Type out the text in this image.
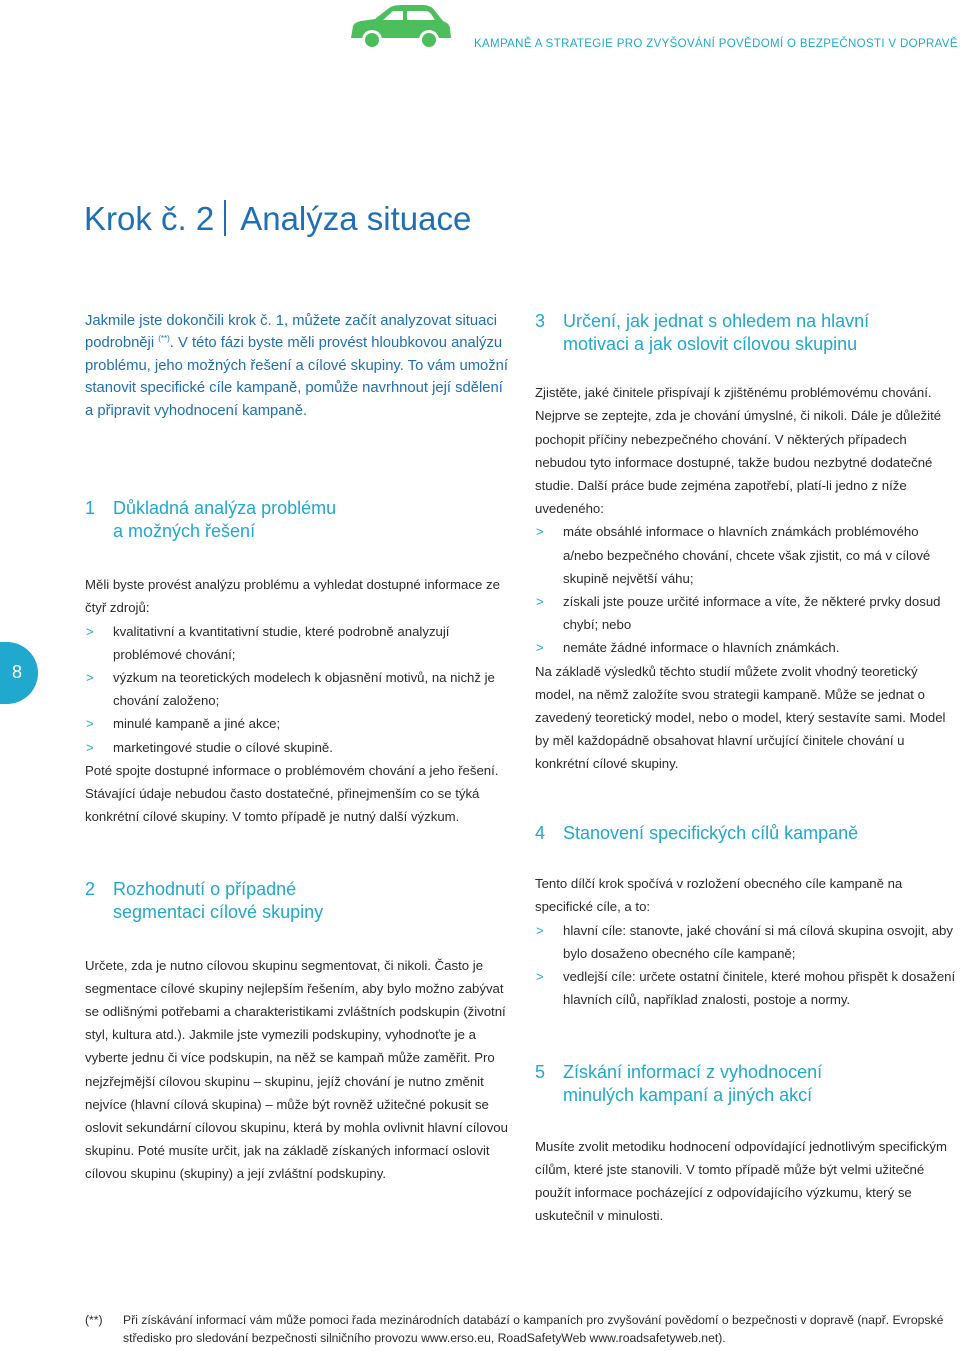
KAMPANĚ A STRATEGIE PRO ZVYŠOVÁNÍ POVĚDOMÍ O BEZPEČNOSTI V DOPRAVĚ
Krok č. 2 Analýza situace
8

Jakmile jste dokončili krok č. 1, můžete začít analyzovat situaci podrobněji (**). V této fázi byste měli provést hloubkovou analýzu problému, jeho možných řešení a cílové skupiny. To vám umožní stanovit specifické cíle kampaně, pomůže navrhnout její sdělení a připravit vyhodnocení kampaně.

1 Důkladná analýza problému
a možných řešení

Měli byste provést analýzu problému a vyhledat dostupné informace ze čtyř zdrojů:

> kvalitativní a kvantitativní studie, které podrobně analyzují problémové chování;
> výzkum na teoretických modelech k objasnění motivů, na nichž je chování založeno;
> minulé kampaně a jiné akce;
> marketingové studie o cílové skupině.

Poté spojte dostupné informace o problémovém chování a jeho řešení. Stávající údaje nebudou často dostatečné, přinejmenším co se týká konkrétní cílové skupiny. V tomto případě je nutný další výzkum.

2 Rozhodnutí o případné
segmentaci cílové skupiny

Určete, zda je nutno cílovou skupinu segmentovat, či nikoli. Často je segmentace cílové skupiny nejlepším řešením, aby bylo možno zabývat se odlišnými potřebami a charakteristikami zvláštních podskupin (životní styl, kultura atd.). Jakmile jste vymezili podskupiny, vyhodnoťte je a vyberte jednu či více podskupin, na něž se kampaň může zaměřit. Pro nejzřejmější cílovou skupinu – skupinu, jejíž chování je nutno změnit nejvíce (hlavní cílová skupina) – může být rovněž užitečné pokusit se oslovit sekundární cílovou skupinu, která by mohla ovlivnit hlavní cílovou skupinu. Poté musíte určit, jak na základě získaných informací oslovit cílovou skupinu (skupiny) a její zvláštní podskupiny.

3 Určení, jak jednat s ohledem na hlavní
motivaci a jak oslovit cílovou skupinu

Zjistěte, jaké činitele přispívají k zjištěnému problémovému chování. Nejprve se zeptejte, zda je chování úmyslné, či nikoli. Dále je důležité pochopit příčiny nebezpečného chování. V některých případech nebudou tyto informace dostupné, takže budou nezbytné dodatečné studie. Další práce bude zejména zapotřebí, platí-li jedno z níže uvedeného:

> máte obsáhlé informace o hlavních známkách problémového a/nebo bezpečného chování, chcete však zjistit, co má v cílové skupině největší váhu;
> získali jste pouze určité informace a víte, že některé prvky dosud chybí; nebo
> nemáte žádné informace o hlavních známkách.

Na základě výsledků těchto studií můžete zvolit vhodný teoretický model, na němž založíte svou strategii kampaně. Může se jednat o zavedený teoretický model, nebo o model, který sestavíte sami. Model by měl každopádně obsahovat hlavní určující činitele chování u konkrétní cílové skupiny.

4 Stanovení specifických cílů kampaně

Tento dílčí krok spočívá v rozložení obecného cíle kampaně na specifické cíle, a to:

> hlavní cíle: stanovte, jaké chování si má cílová skupina osvojit, aby bylo dosaženo obecného cíle kampaně;
> vedlejší cíle: určete ostatní činitele, které mohou přispět k dosažení hlavních cílů, například znalosti, postoje a normy.
5 Získání informací z vyhodnocení
minulých kampaní a jiných akcí

Musíte zvolit metodiku hodnocení odpovídající jednotlivým specifickým cílům, které jste stanovili. V tomto případě může být velmi užitečné použít informace pocházející z odpovídajícího výzkumu, který se uskutečnil v minulosti.

(**)	Při získávání informací vám může pomoci řada mezinárodních databází o kampaních pro zvyšování povědomí o bezpečnosti v dopravě (např. Evropské středisko pro sledování bezpečnosti silničního provozu www.erso.eu, RoadSafetyWeb www.roadsafetyweb.net).
